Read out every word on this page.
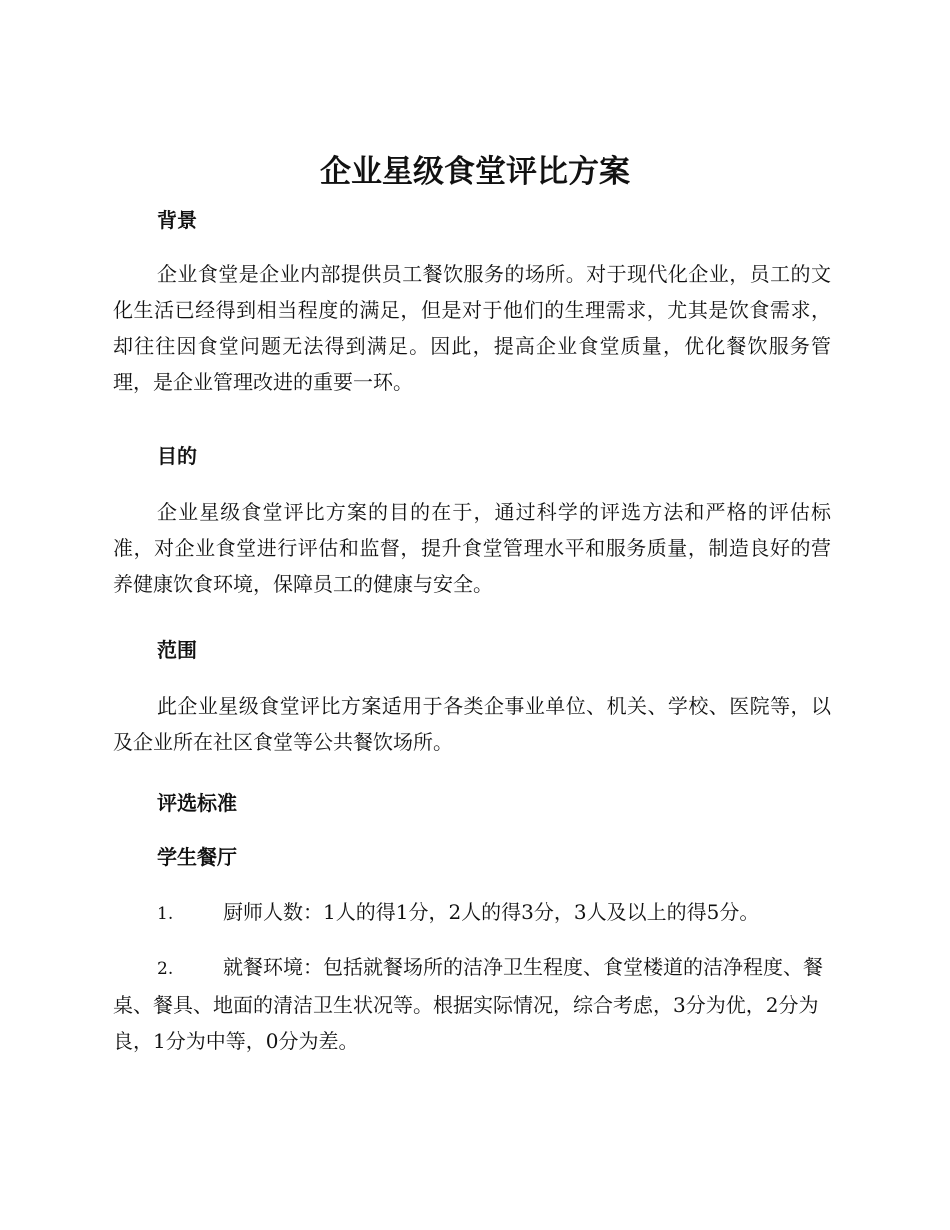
企业星级食堂评比方案
背景

企业食堂是企业内部提供员工餐饮服务的场所。对于现代化企业，员工的文化生活已经得到相当程度的满足，但是对于他们的生理需求，尤其是饮食需求，却往往因食堂问题无法得到满足。因此，提高企业食堂质量，优化餐饮服务管理，是企业管理改进的重要一环。

目的

企业星级食堂评比方案的目的在于，通过科学的评选方法和严格的评估标准，对企业食堂进行评估和监督，提升食堂管理水平和服务质量，制造良好的营养健康饮食环境，保障员工的健康与安全。

范围

此企业星级食堂评比方案适用于各类企事业单位、机关、学校、医院等，以及企业所在社区食堂等公共餐饮场所。

评选标准
学生餐厅

1. 厨师人数：1人的得1分，2人的得3分，3人及以上的得5分。

2. 就餐环境：包括就餐场所的洁净卫生程度、食堂楼道的洁净程度、餐桌、餐具、地面的清洁卫生状况等。根据实际情况，综合考虑，3分为优，2分为良，1分为中等，0分为差。
